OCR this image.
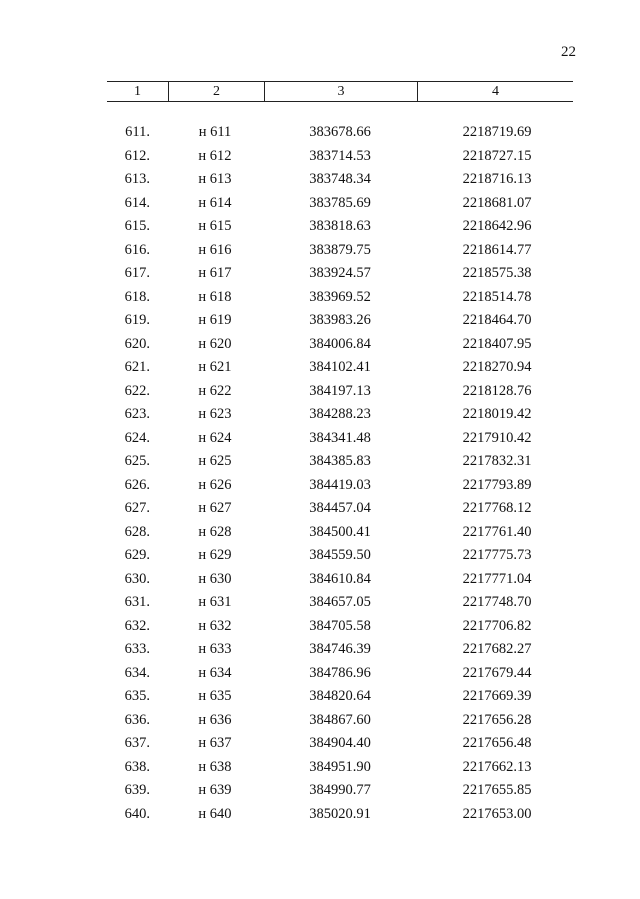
22
1	2	3	4
611.	н 611	383678.66	2218719.69
612.	н 612	383714.53	2218727.15
613.	н 613	383748.34	2218716.13
614.	н 614	383785.69	2218681.07
615.	н 615	383818.63	2218642.96
616.	н 616	383879.75	2218614.77
617.	н 617	383924.57	2218575.38
618.	н 618	383969.52	2218514.78
619.	н 619	383983.26	2218464.70
620.	н 620	384006.84	2218407.95
621.	н 621	384102.41	2218270.94
622.	н 622	384197.13	2218128.76
623.	н 623	384288.23	2218019.42
624.	н 624	384341.48	2217910.42
625.	н 625	384385.83	2217832.31
626.	н 626	384419.03	2217793.89
627.	н 627	384457.04	2217768.12
628.	н 628	384500.41	2217761.40
629.	н 629	384559.50	2217775.73
630.	н 630	384610.84	2217771.04
631.	н 631	384657.05	2217748.70
632.	н 632	384705.58	2217706.82
633.	н 633	384746.39	2217682.27
634.	н 634	384786.96	2217679.44
635.	н 635	384820.64	2217669.39
636.	н 636	384867.60	2217656.28
637.	н 637	384904.40	2217656.48
638.	н 638	384951.90	2217662.13
639.	н 639	384990.77	2217655.85
640.	н 640	385020.91	2217653.00
